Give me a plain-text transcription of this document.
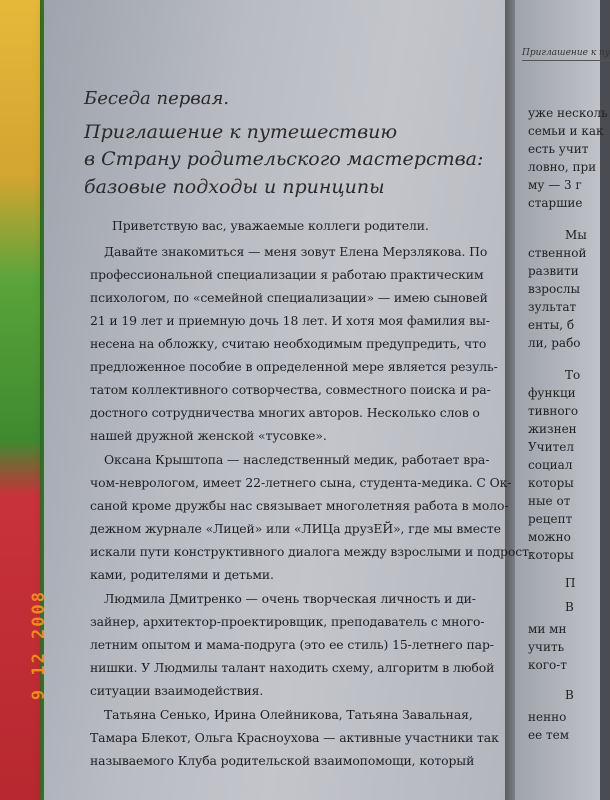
Беседа первая.
Приглашение к путешествию
в Страну родительского мастерства:
базовые подходы и принципы
Приветствую вас, уважаемые коллеги родители.
Давайте знакомиться — меня зовут Елена Мерзлякова. По
профессиональной специализации я работаю практическим
психологом, по «семейной специализации» — имею сыновей
21 и 19 лет и приемную дочь 18 лет. И хотя моя фамилия вы-
несена на обложку, считаю необходимым предупредить, что
предложенное пособие в определенной мере является резуль-
татом коллективного сотворчества, совместного поиска и ра-
достного сотрудничества многих авторов. Несколько слов о
нашей дружной женской «тусовке».
Оксана Крыштопа — наследственный медик, работает вра-
чом-неврологом, имеет 22-летнего сына, студента-медика. С Ок-
саной кроме дружбы нас связывает многолетняя работа в моло-
дежном журнале «Лицей» или «ЛИЦа друзЕЙ», где мы вместе
искали пути конструктивного диалога между взрослыми и подрост-
ками, родителями и детьми.
Людмила Дмитренко — очень творческая личность и ди-
зайнер, архитектор-проектировщик, преподаватель с много-
летним опытом и мама-подруга (это ее стиль) 15-летнего пар-
нишки. У Людмилы талант находить схему, алгоритм в любой
ситуации взаимодействия.
Татьяна Сенько, Ирина Олейникова, Татьяна Завальная,
Тамара Блекот, Ольга Красноухова — активные участники так
называемого Клуба родительской взаимопомощи, который
Приглашение к пу
уже несколь
семьи и как
есть учит
ловно, при
му — 3 г
старшие
Мы
ственной
развити
взрослы
зультат
енты, б
ли, рабо
То
функци
тивного
жизнен
Учител
социал
которы
ные от
рецепт
можно
которы
П
В
ми мн
учить
кого-т
В
ненно
ее тем
9 12 2008
